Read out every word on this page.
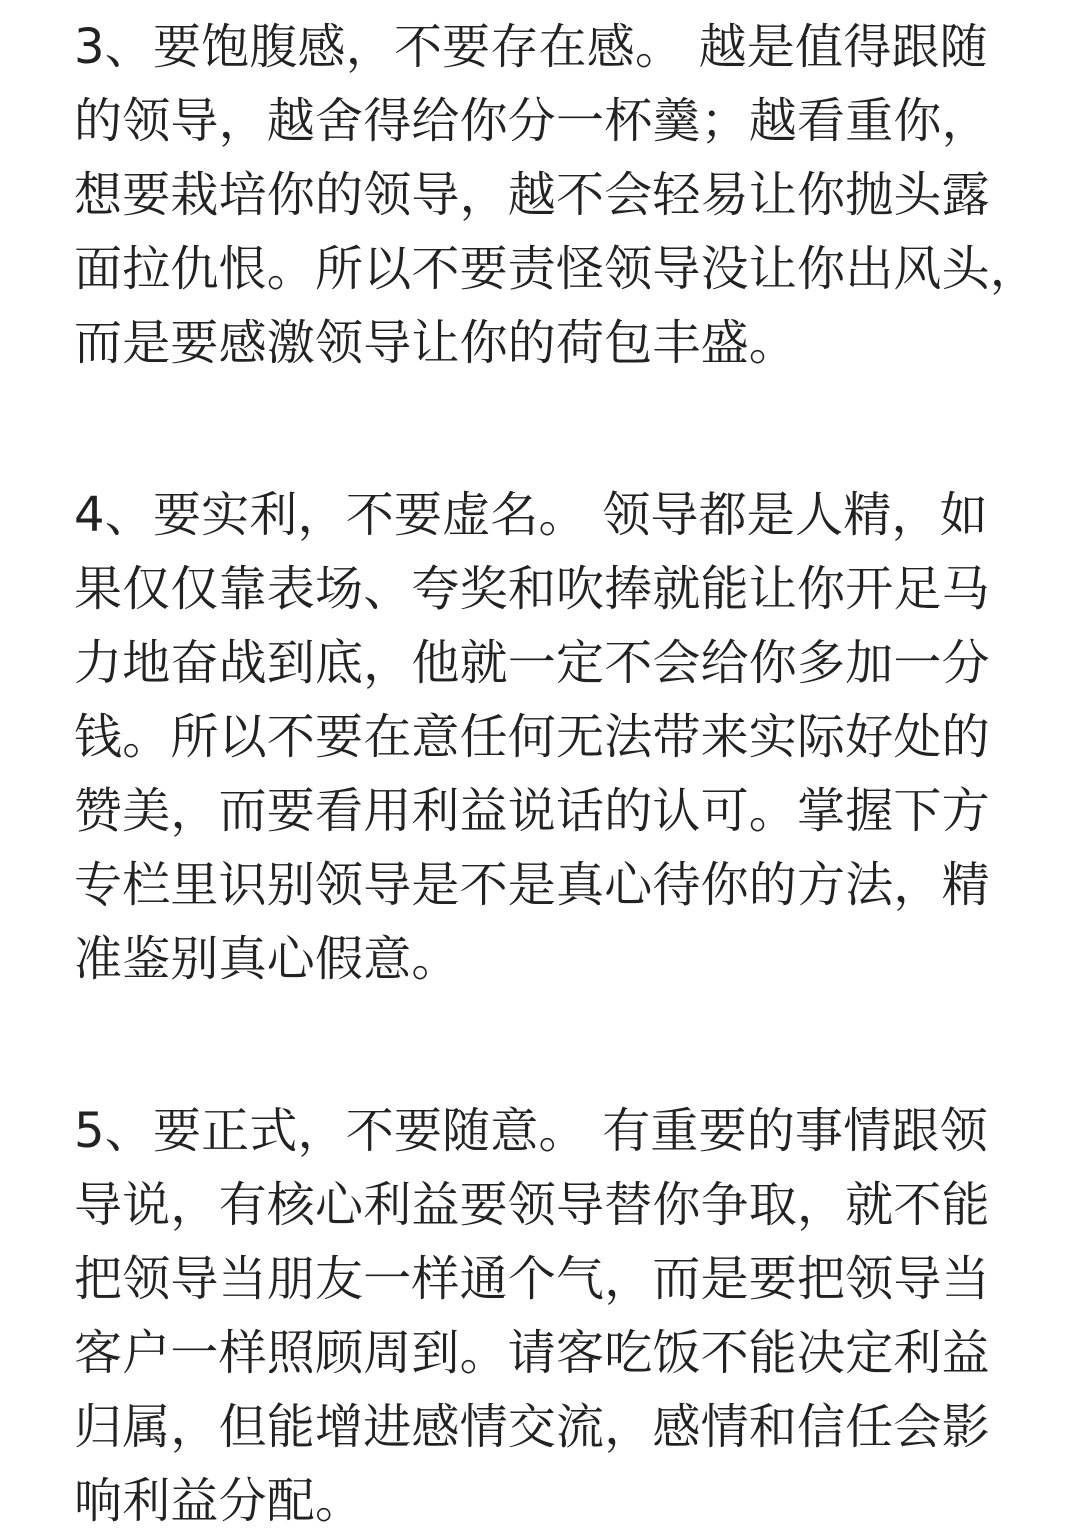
3、要饱腹感，不要存在感。 越是值得跟随
的领导，越舍得给你分一杯羹；越看重你，
想要栽培你的领导，越不会轻易让你抛头露
面拉仇恨。所以不要责怪领导没让你出风头，
而是要感激领导让你的荷包丰盛。
4、要实利，不要虚名。 领导都是人精，如
果仅仅靠表场、夸奖和吹捧就能让你开足马
力地奋战到底，他就一定不会给你多加一分
钱。所以不要在意任何无法带来实际好处的
赞美，而要看用利益说话的认可。掌握下方
专栏里识别领导是不是真心待你的方法，精
准鉴别真心假意。
5、要正式，不要随意。 有重要的事情跟领
导说，有核心利益要领导替你争取，就不能
把领导当朋友一样通个气，而是要把领导当
客户一样照顾周到。请客吃饭不能决定利益
归属，但能增进感情交流，感情和信任会影
响利益分配。
